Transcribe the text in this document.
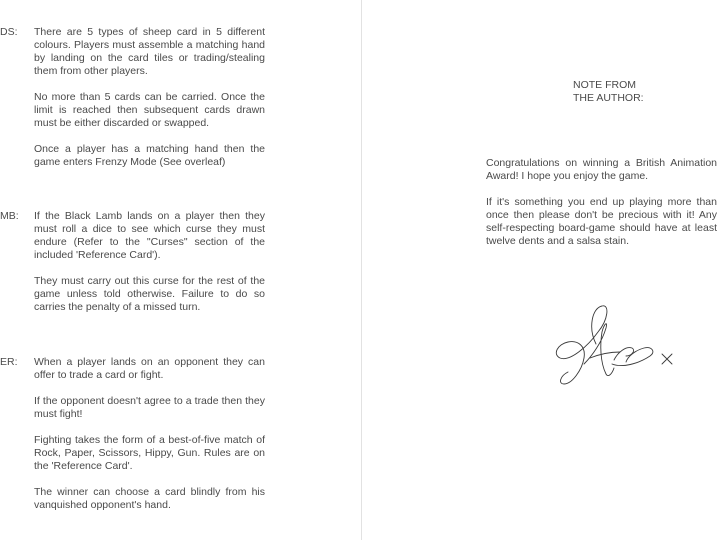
DS: There are 5 types of sheep card in 5 different colours. Players must assemble a matching hand by landing on the card tiles or trading/stealing them from other players.

No more than 5 cards can be carried. Once the limit is reached then subsequent cards drawn must be either discarded or swapped.

Once a player has a matching hand then the game enters Frenzy Mode (See overleaf)

MB: If the Black Lamb lands on a player then they must roll a dice to see which curse they must endure (Refer to the "Curses" section of the included 'Reference Card').

They must carry out this curse for the rest of the game unless told otherwise. Failure to do so carries the penalty of a missed turn.

ER: When a player lands on an opponent they can offer to trade a card or fight.

If the opponent doesn't agree to a trade then they must fight!

Fighting takes the form of a best-of-five match of Rock, Paper, Scissors, Hippy, Gun. Rules are on the 'Reference Card'.

The winner can choose a card blindly from his vanquished opponent's hand.

NOTE FROM
THE AUTHOR:

Congratulations on winning a British Animation Award! I hope you enjoy the game.

If it's something you end up playing more than once then please don't be precious with it! Any self-respecting board-game should have at least twelve dents and a salsa stain.
